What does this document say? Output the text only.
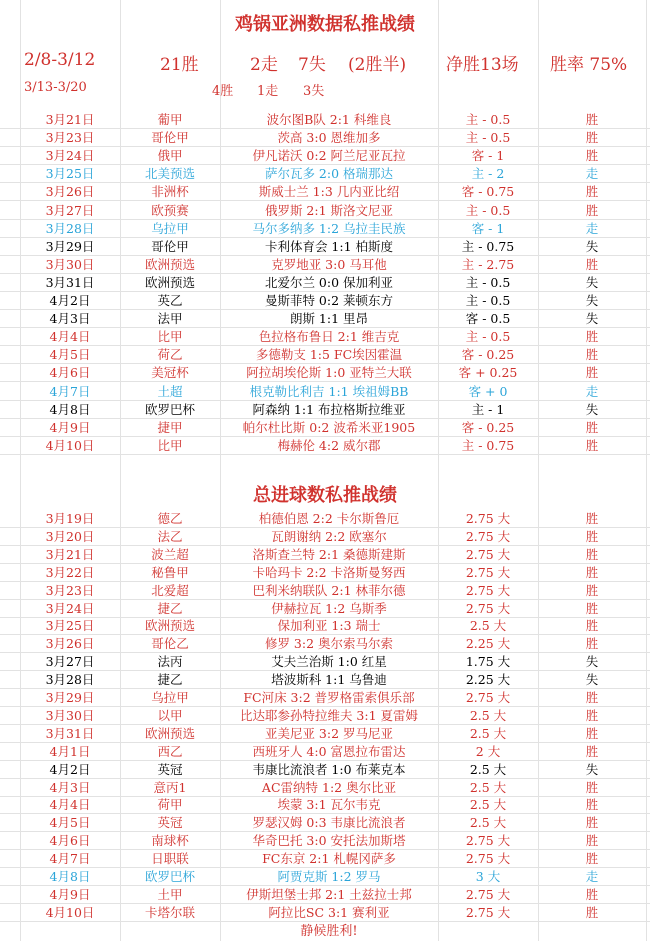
鸡锅亚洲数据私推战绩
2/8-3/12	21胜	2走 7失 (2胜半) 净胜13场 胜率 75%
3/13-3/20	4胜 1走 3失
3月21日	葡甲	波尔图B队 2:1 科维良	主 - 0.5	胜
3月23日	哥伦甲	茨高 3:0 恩维加多	主 - 0.5	胜
3月24日	俄甲	伊凡诺沃 0:2 阿兰尼亚瓦拉	客 - 1	胜
3月25日	北美预选	萨尔瓦多 2:0 格瑞那达	主 - 2	走
3月26日	非洲杯	斯威士兰 1:3 几内亚比绍	客 - 0.75	胜
3月27日	欧预赛	俄罗斯 2:1 斯洛文尼亚	主 - 0.5	胜
3月28日	乌拉甲	马尔多纳多 1:2 乌拉圭民族	客 - 1	走
3月29日	哥伦甲	卡利体育会 1:1 柏斯度	主 - 0.75	失
3月30日	欧洲预选	克罗地亚 3:0 马耳他	主 - 2.75	胜
3月31日	欧洲预选	北爱尔兰 0:0 保加利亚	主 - 0.5	失
4月2日	英乙	曼斯菲特 0:2 莱顿东方	主 - 0.5	失
4月3日	法甲	朗斯 1:1 里昂	客 - 0.5	失
4月4日	比甲	色拉格布鲁日 2:1 维吉克	主 - 0.5	胜
4月5日	荷乙	多德勒支 1:5 FC埃因霍温	客 - 0.25	胜
4月6日	美冠杯	阿拉胡埃伦斯 1:0 亚特兰大联	客 + 0.25	胜
4月7日	土超	根克勒比利吉 1:1 埃祖姆BB	客 + 0	走
4月8日	欧罗巴杯	阿森纳 1:1 布拉格斯拉维亚	主 - 1	失
4月9日	捷甲	帕尔杜比斯 0:2 波希米亚1905	客 - 0.25	胜
4月10日	比甲	梅赫伦 4:2 威尔郡	主 - 0.75	胜
总进球数私推战绩
3月19日	德乙	柏德伯恩 2:2 卡尔斯鲁厄	2.75 大	胜
3月20日	法乙	瓦朗谢纳 2:2 欧塞尔	2.75 大	胜
3月21日	波兰超	洛斯查兰特 2:1 桑德斯建斯	2.75 大	胜
3月22日	秘鲁甲	卡哈玛卡 2:2 卡洛斯曼努西	2.75 大	胜
3月23日	北爱超	巴利米纳联队 2:1 林菲尔德	2.75 大	胜
3月24日	捷乙	伊赫拉瓦 1:2 乌斯季	2.75 大	胜
3月25日	欧洲预选	保加利亚 1:3 瑞士	2.5 大	胜
3月26日	哥伦乙	修罗 3:2 奥尔索马尔索	2.25 大	胜
3月27日	法丙	艾夫兰治斯 1:0 红星	1.75 大	失
3月28日	捷乙	塔波斯科 1:1 乌鲁迪	2.25 大	失
3月29日	乌拉甲	FC河床 3:2 普罗格雷索俱乐部	2.75 大	胜
3月30日	以甲	比达耶参孙特拉维夫 3:1 夏雷姆	2.5 大	胜
3月31日	欧洲预选	亚美尼亚 3:2 罗马尼亚	2.5 大	胜
4月1日	西乙	西班牙人 4:0 富恩拉布雷达	2 大	胜
4月2日	英冠	韦康比流浪者 1:0 布莱克本	2.5 大	失
4月3日	意丙1	AC雷纳特 1:2 奥尔比亚	2.5 大	胜
4月4日	荷甲	埃蒙 3:1 瓦尔韦克	2.5 大	胜
4月5日	英冠	罗瑟汉姆 0:3 韦康比流浪者	2.5 大	胜
4月6日	南球杯	华奇巴托 3:0 安托法加斯塔	2.75 大	胜
4月7日	日职联	FC东京 2:1 札幌冈萨多	2.75 大	胜
4月8日	欧罗巴杯	阿贾克斯 1:2 罗马	3 大	走
4月9日	土甲	伊斯坦堡士邦 2:1 土兹拉士邦	2.75 大	胜
4月10日	卡塔尔联	阿拉比SC 3:1 赛利亚	2.75 大	胜
静候胜利!
